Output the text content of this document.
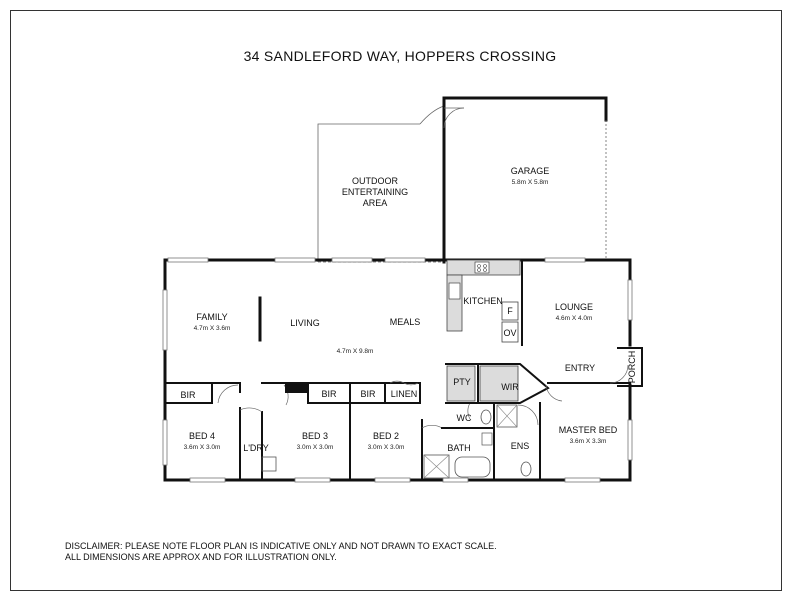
34 SANDLEFORD WAY, HOPPERS CROSSING
OUTDOOR
ENTERTAINING
AREA
GARAGE
5.8m X 5.8m
FAMILY
4.7m X 3.6m
LIVING	MEALS
4.7m X 9.8m
KITCHEN
F
OV
LOUNGE
4.6m X 4.0m
ENTRY	PORCH
PTY	WIR
WC
BATH	ENS
MASTER BED
3.6m X 3.3m
BIR	BIR	BIR LINEN
BED 4
3.6m X 3.0m	L'DRY
BED 3
3.0m X 3.0m
BED 2
3.0m X 3.0m
DISCLAIMER: PLEASE NOTE FLOOR PLAN IS INDICATIVE ONLY AND NOT DRAWN TO EXACT SCALE.
ALL DIMENSIONS ARE APPROX AND FOR ILLUSTRATION ONLY.
